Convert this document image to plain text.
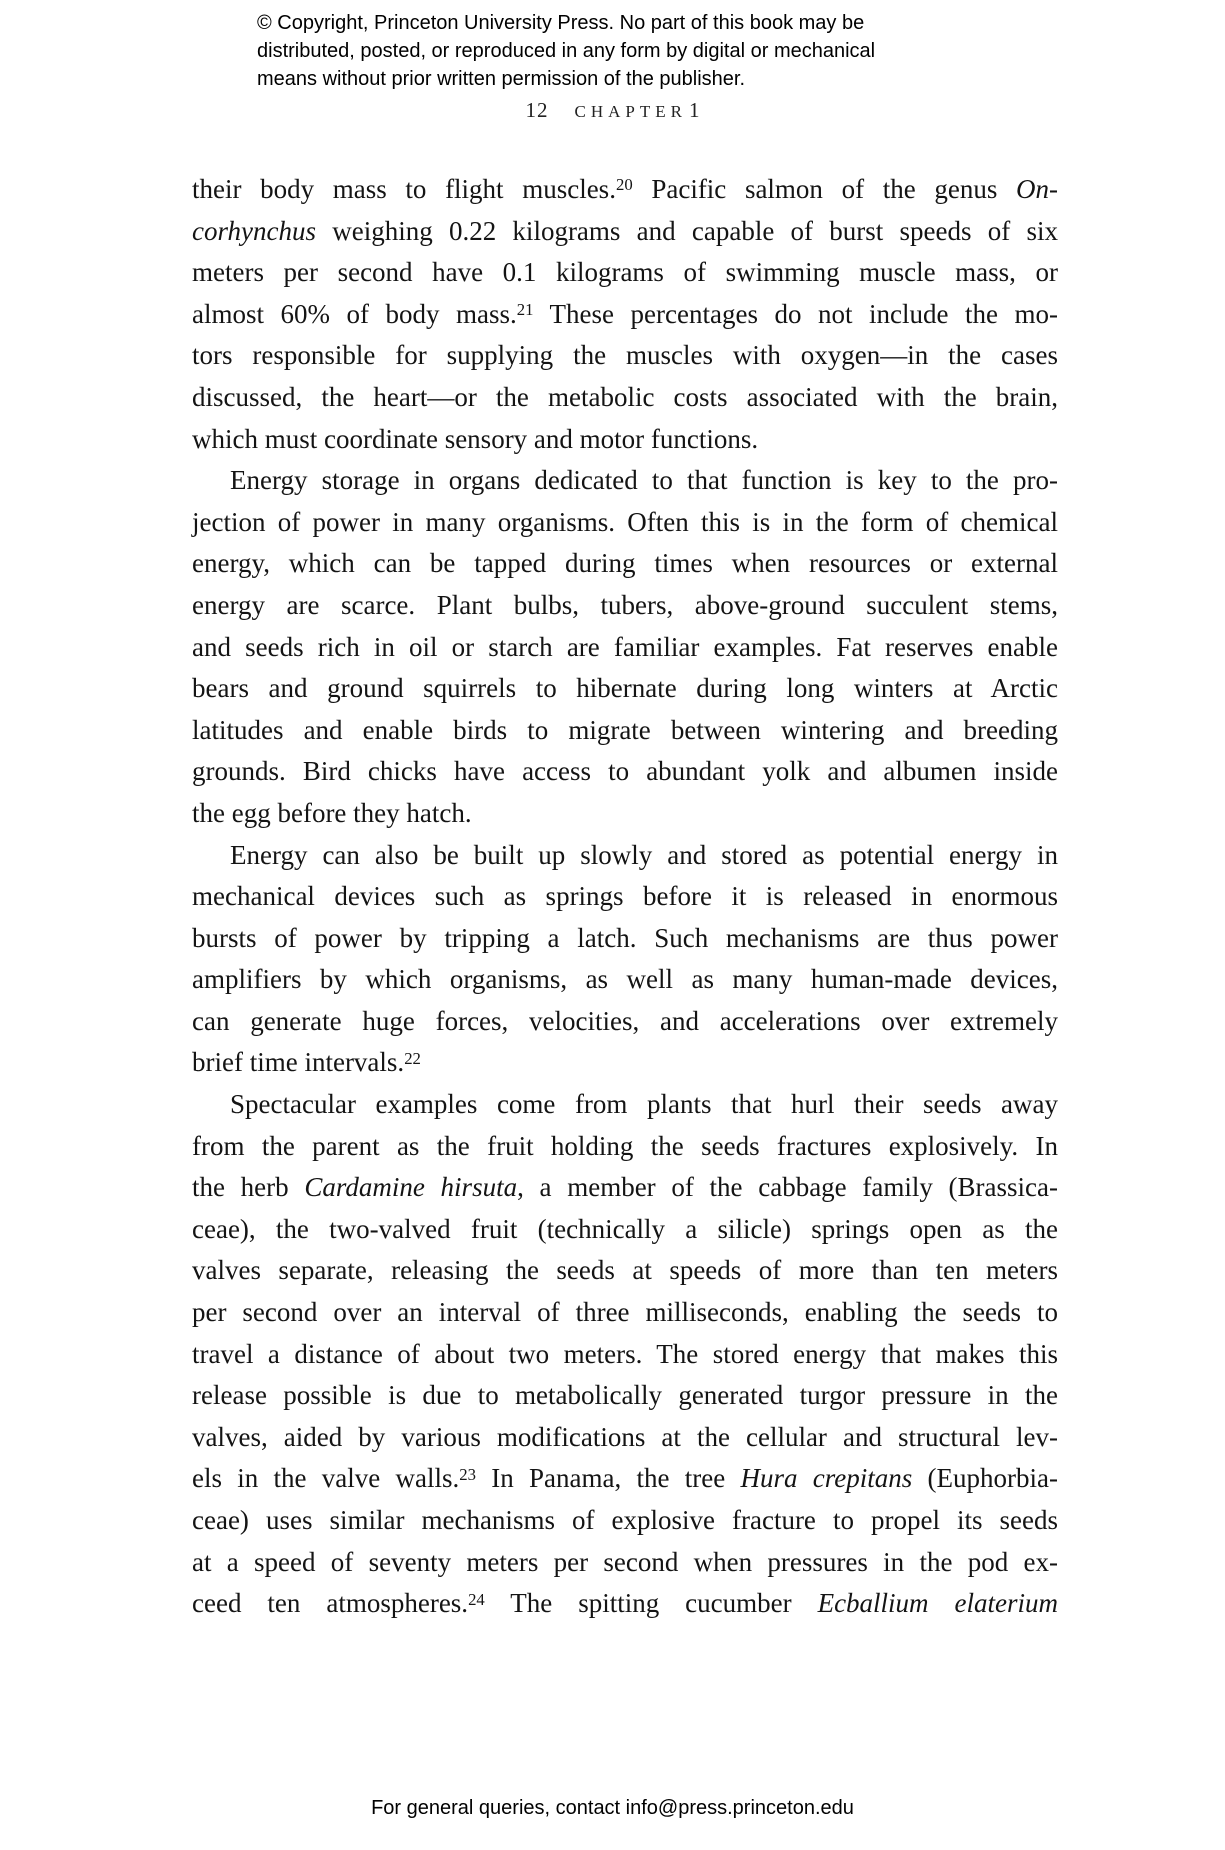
© Copyright, Princeton University Press. No part of this book may be
distributed, posted, or reproduced in any form by digital or mechanical
means without prior written permission of the publisher.
12 CHAPTER1
their body mass to flight muscles.$^{20}$ Pacific salmon of the genus On-
corhynchus weighing 0.22 kilograms and capable of burst speeds of six
meters per second have 0.1 kilograms of swimming muscle mass, or
almost 60% of body mass.$^{21}$ These percentages do not include the mo-
tors responsible for supplying the muscles with oxygen—in the cases
discussed, the heart—or the metabolic costs associated with the brain,
which must coordinate sensory and motor functions.
Energy storage in organs dedicated to that function is key to the pro-
jection of power in many organisms. Often this is in the form of chemical
energy, which can be tapped during times when resources or external
energy are scarce. Plant bulbs, tubers, above-ground succulent stems,
and seeds rich in oil or starch are familiar examples. Fat reserves enable
bears and ground squirrels to hibernate during long winters at Arctic
latitudes and enable birds to migrate between wintering and breeding
grounds. Bird chicks have access to abundant yolk and albumen inside
the egg before they hatch.
Energy can also be built up slowly and stored as potential energy in
mechanical devices such as springs before it is released in enormous
bursts of power by tripping a latch. Such mechanisms are thus power
amplifiers by which organisms, as well as many human-made devices,
can generate huge forces, velocities, and accelerations over extremely
brief time intervals.$^{22}$
Spectacular examples come from plants that hurl their seeds away
from the parent as the fruit holding the seeds fractures explosively. In
the herb Cardamine hirsuta, a member of the cabbage family (Brassica-
ceae), the two-valved fruit (technically a silicle) springs open as the
valves separate, releasing the seeds at speeds of more than ten meters
per second over an interval of three milliseconds, enabling the seeds to
travel a distance of about two meters. The stored energy that makes this
release possible is due to metabolically generated turgor pressure in the
valves, aided by various modifications at the cellular and structural lev-
els in the valve walls.$^{23}$ In Panama, the tree Hura crepitans (Euphorbia-
ceae) uses similar mechanisms of explosive fracture to propel its seeds
at a speed of seventy meters per second when pressures in the pod ex-
ceed ten atmospheres.$^{24}$ The spitting cucumber Ecballium elaterium
For general queries, contact info@press.princeton.edu
